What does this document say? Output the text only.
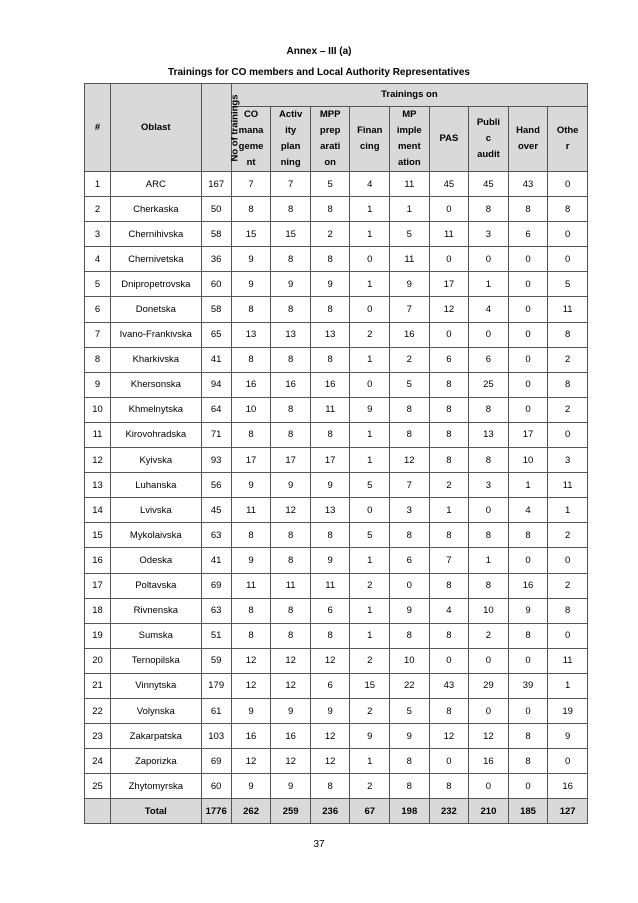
Annex – III (a)
Trainings for CO members and Local Authority Representatives
#	Oblast	No of trainings	Trainings on								
			CO
mana
geme
nt	Activ
ity
plan
ning	MPP
prep
arati
on	Finan
cing	MP
imple
ment
ation	PAS	Publi
c
audit	Hand
over	Othe
r
1	ARC	167	7	7	5	4	11	45	45	43	0
2	Cherkaska	50	8	8	8	1	1	0	8	8	8
3	Chernihivska	58	15	15	2	1	5	11	3	6	0
4	Chernivetska	36	9	8	8	0	11	0	0	0	0
5	Dnipropetrovska	60	9	9	9	1	9	17	1	0	5
6	Donetska	58	8	8	8	0	7	12	4	0	11
7	Ivano-Frankivska	65	13	13	13	2	16	0	0	0	8
8	Kharkivska	41	8	8	8	1	2	6	6	0	2
9	Khersonska	94	16	16	16	0	5	8	25	0	8
10	Khmelnytska	64	10	8	11	9	8	8	8	0	2
11	Kirovohradska	71	8	8	8	1	8	8	13	17	0
12	Kyivska	93	17	17	17	1	12	8	8	10	3
13	Luhanska	56	9	9	9	5	7	2	3	1	11
14	Lvivska	45	11	12	13	0	3	1	0	4	1
15	Mykolaivska	63	8	8	8	5	8	8	8	8	2
16	Odeska	41	9	8	9	1	6	7	1	0	0
17	Poltavska	69	11	11	11	2	0	8	8	16	2
18	Rivnenska	63	8	8	6	1	9	4	10	9	8
19	Sumska	51	8	8	8	1	8	8	2	8	0
20	Ternopilska	59	12	12	12	2	10	0	0	0	11
21	Vinnytska	179	12	12	6	15	22	43	29	39	1
22	Volynska	61	9	9	9	2	5	8	0	0	19
23	Zakarpatska	103	16	16	12	9	9	12	12	8	9
24	Zaporizka	69	12	12	12	1	8	0	16	8	0
25	Zhytomyrska	60	9	9	8	2	8	8	0	0	16
	Total	1776	262	259	236	67	198	232	210	185	127
37
